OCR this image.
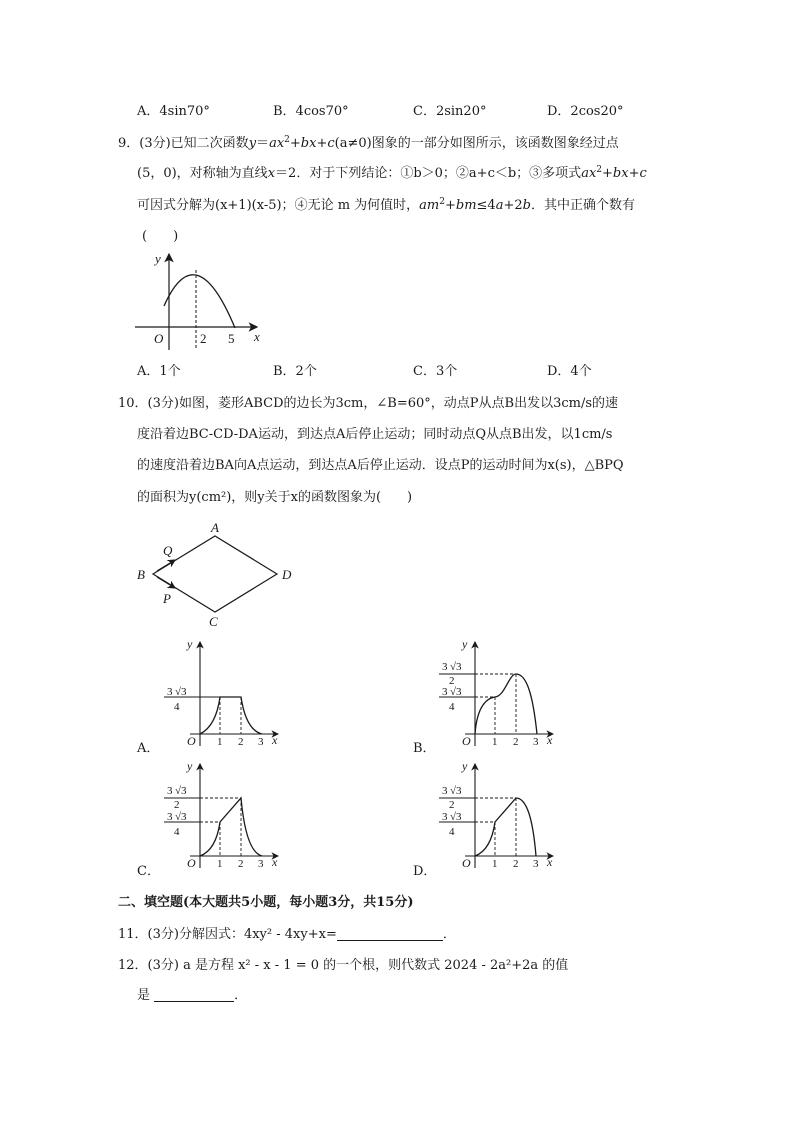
A．4sin70°	B．4cos70°	C．2sin20°	D．2cos20°
9．(3分)已知二次函数$y=ax^2+bx+c(a\ne 0)$图象的一部分如图所示，该函数图象经过点
(5，0)，对称轴为直线x＝2．对于下列结论：①b＞0；②a+c＜b；③多项式$ax^2+bx+c$
可因式分解为(x+1)(x-5)；④无论 m 为何值时，$am^2+bm\le 4a+2b$．其中正确个数有
(　　)
y
O	2 5 x
A．1个	B．2个	C．3个	D．4个
10．(3分)如图，菱形ABCD的边长为3cm，∠B=60°，动点P从点B出发以3cm/s的速
度沿着边BC-CD-DA运动，到达点A后停止运动；同时动点Q从点B出发，以1cm/s
的速度沿着边BA向A点运动，到达点A后停止运动．设点P的运动时间为x(s)，△BPQ
的面积为y(cm²)，则y关于x的函数图象为(　　)
A
B
C
D
Q
P
y
3 √3
4
O 1 2 3 x
A．
y
3 √3
2
3 √3
4
O 1 2 3 x
B．
y
3 √3
2
3 √3
4
O 1 2 3 x
C．
y
3 √3
2
3 √3
4
O 1 2 3 x
D．
二、填空题(本大题共5小题，每小题3分，共15分)
11．(3分)分解因式：4xy² - 4xy+x=	．
12．(3分) a 是方程 x² - x - 1 = 0 的一个根，则代数式 2024 - 2a²+2a 的值
是	．
